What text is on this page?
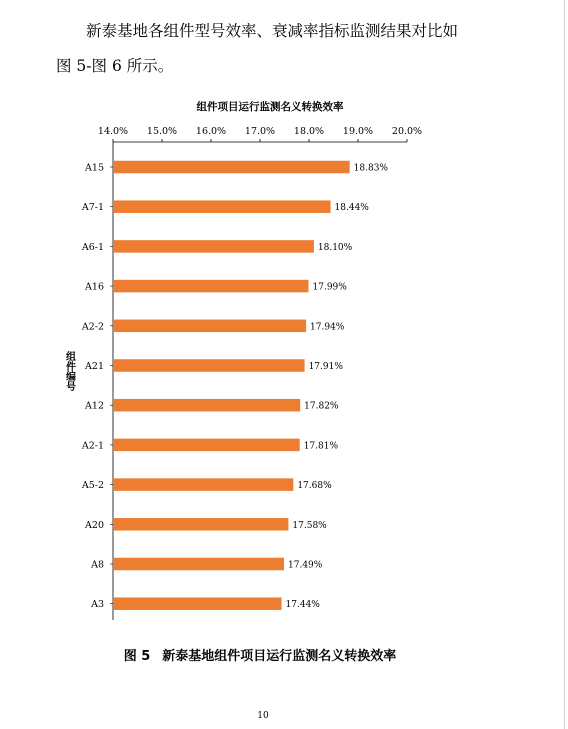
新泰基地各组件型号效率、衰减率指标监测结果对比如

图 5-图 6 所示。

组件项目运行监测名义转换效率
14.0% 15.0% 16.0% 17.0% 18.0% 19.0% 20.0%
A15
A7-1
A6-1
A16
A2-2
A21
A12
A2-1
A5-2
A20
A8
A3
18.83%
18.44%
18.10%
17.99%
17.94%
17.91%
17.82%
17.81%
17.68%
17.58%
17.49%
17.44%
组
件
编
号
图 5 新泰基地组件项目运行监测名义转换效率
10
